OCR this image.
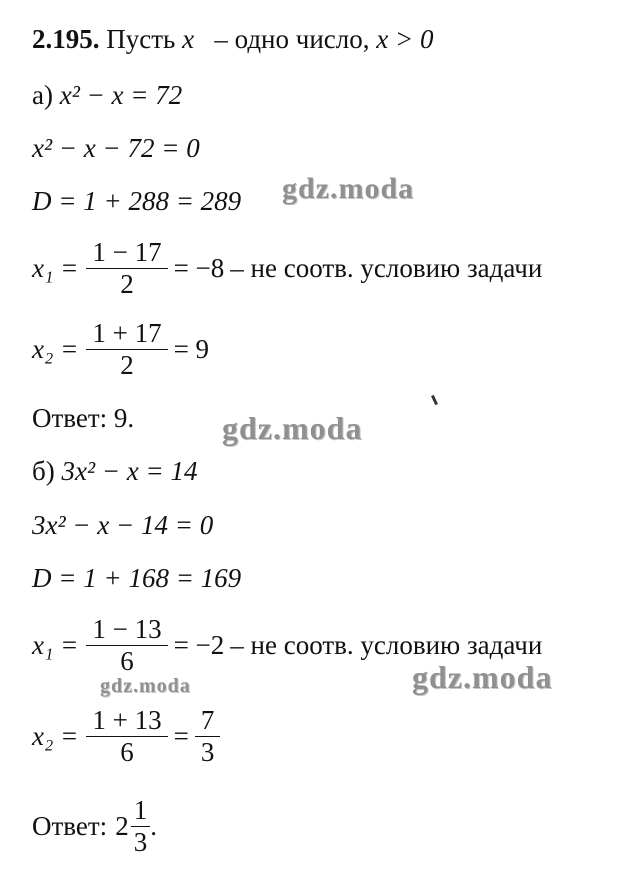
2.195. Пусть x – одно число, x > 0
а) x² − x = 72
x² − x − 72 = 0
D = 1 + 288 = 289
$x_1 = \frac{1 - 17}{2} = -8$ – не соотв. условию задачи
$x_2 = \frac{1 + 17}{2} = 9$
Ответ: 9.
б) 3x² − x = 14
3x² − x − 14 = 0
D = 1 + 168 = 169
$x_1 = \frac{1 - 13}{6} = -2$ – не соотв. условию задачи
$x_2 = \frac{1 + 13}{6} = \frac{7}{3}$
Ответ: $2 \frac{1}{3}$ .
gdz.moda
gdz.moda
gdz.moda	gdz.moda
